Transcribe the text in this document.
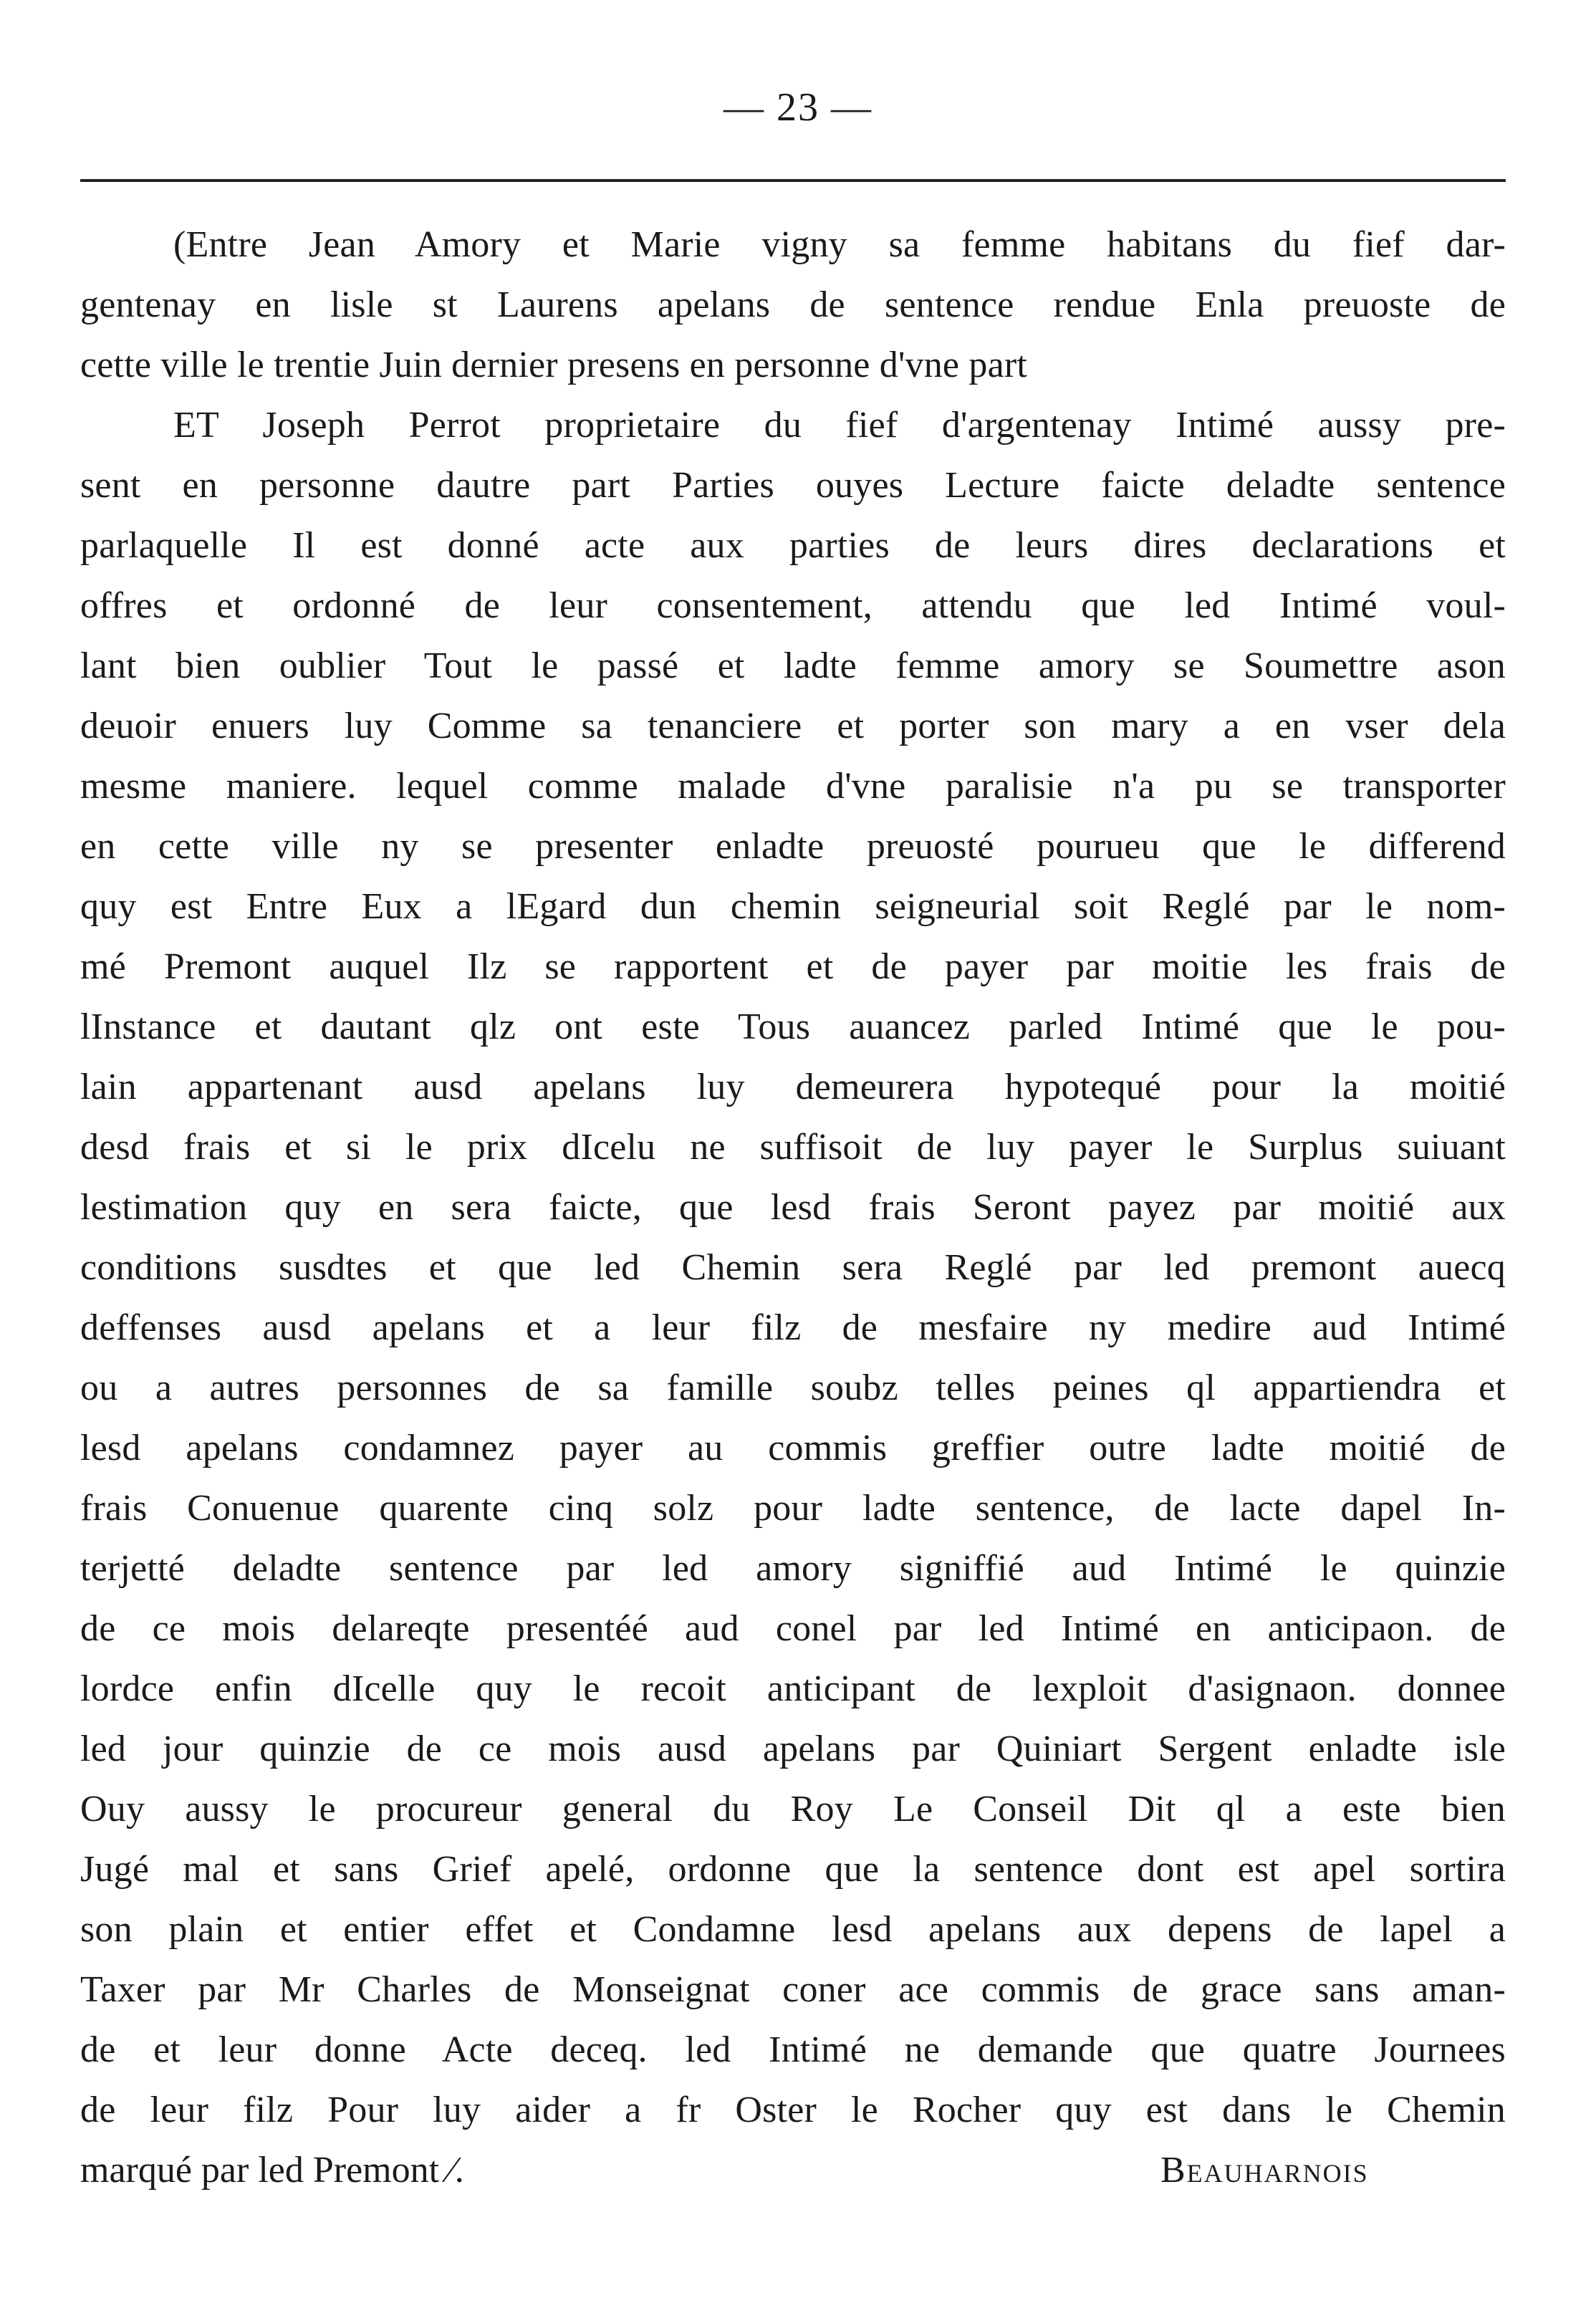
— 23 —
(Entre Jean Amory et Marie vigny sa femme habitans du fief dar-
gentenay en lisle st Laurens apelans de sentence rendue Enla preuoste de
cette ville le trentie Juin dernier presens en personne d'vne part
ET Joseph Perrot proprietaire du fief d'argentenay Intimé aussy pre-
sent en personne dautre part Parties ouyes Lecture faicte deladte sentence
parlaquelle Il est donné acte aux parties de leurs dires declarations et
offres et ordonné de leur consentement, attendu que led Intimé voul-
lant bien oublier Tout le passé et ladte femme amory se Soumettre ason
deuoir enuers luy Comme sa tenanciere et porter son mary a en vser dela
mesme maniere. lequel comme malade d'vne paralisie n'a pu se transporter
en cette ville ny se presenter enladte preuosté pourueu que le differend
quy est Entre Eux a lEgard dun chemin seigneurial soit Reglé par le nom-
mé Premont auquel Ilz se rapportent et de payer par moitie les frais de
lInstance et dautant qlz ont este Tous auancez parled Intimé que le pou-
lain appartenant ausd apelans luy demeurera hypotequé pour la moitié
desd frais et si le prix dIcelu ne suffisoit de luy payer le Surplus suiuant
lestimation quy en sera faicte, que lesd frais Seront payez par moitié aux
conditions susdtes et que led Chemin sera Reglé par led premont auecq
deffenses ausd apelans et a leur filz de mesfaire ny medire aud Intimé
ou a autres personnes de sa famille soubz telles peines ql appartiendra et
lesd apelans condamnez payer au commis greffier outre ladte moitié de
frais Conuenue quarente cinq solz pour ladte sentence, de lacte dapel In-
terjetté deladte sentence par led amory signiffié aud Intimé le quinzie
de ce mois delareqte presentéé aud conel par led Intimé en anticipaon. de
lordce enfin dIcelle quy le recoit anticipant de lexploit d'asignaon. donnee
led jour quinzie de ce mois ausd apelans par Quiniart Sergent enladte isle
Ouy aussy le procureur general du Roy Le Conseil Dit ql a este bien
Jugé mal et sans Grief apelé, ordonne que la sentence dont est apel sortira
son plain et entier effet et Condamne lesd apelans aux depens de lapel a
Taxer par Mr Charles de Monseignat coner ace commis de grace sans aman-
de et leur donne Acte deceq. led Intimé ne demande que quatre Journees
de leur filz Pour luy aider a fr Oster le Rocher quy est dans le Chemin
marqué par led Premont ⁄.	Beauharnois
